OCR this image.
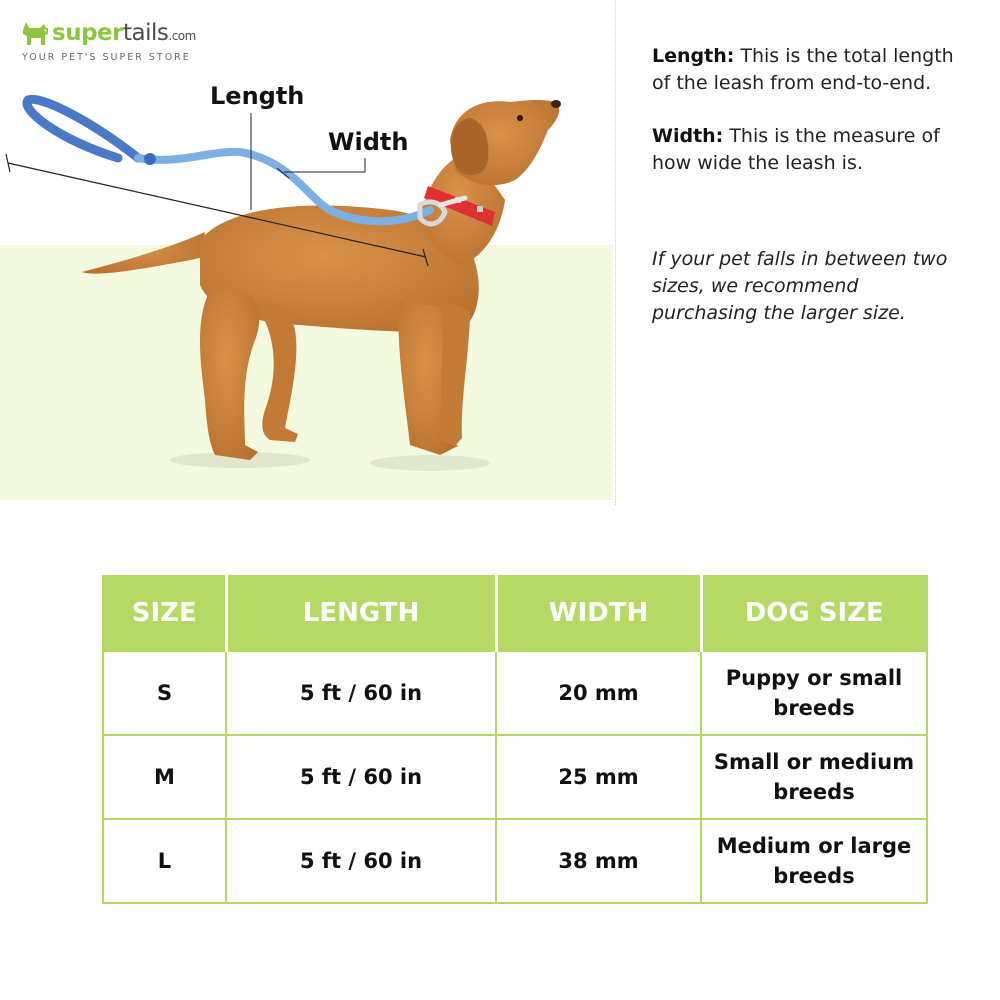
supertails.com
YOUR PET'S SUPER STORE
Length
Width
Length: This is the total length of the leash from end-to-end.
Width: This is the measure of how wide the leash is.
If your pet falls in between two sizes, we recommend purchasing the larger size.
SIZE	LENGTH	WIDTH	DOG SIZE
S	5 ft / 60 in	20 mm	Puppy or small breeds
M	5 ft / 60 in	25 mm	Small or medium breeds
L	5 ft / 60 in	38 mm	Medium or large breeds
